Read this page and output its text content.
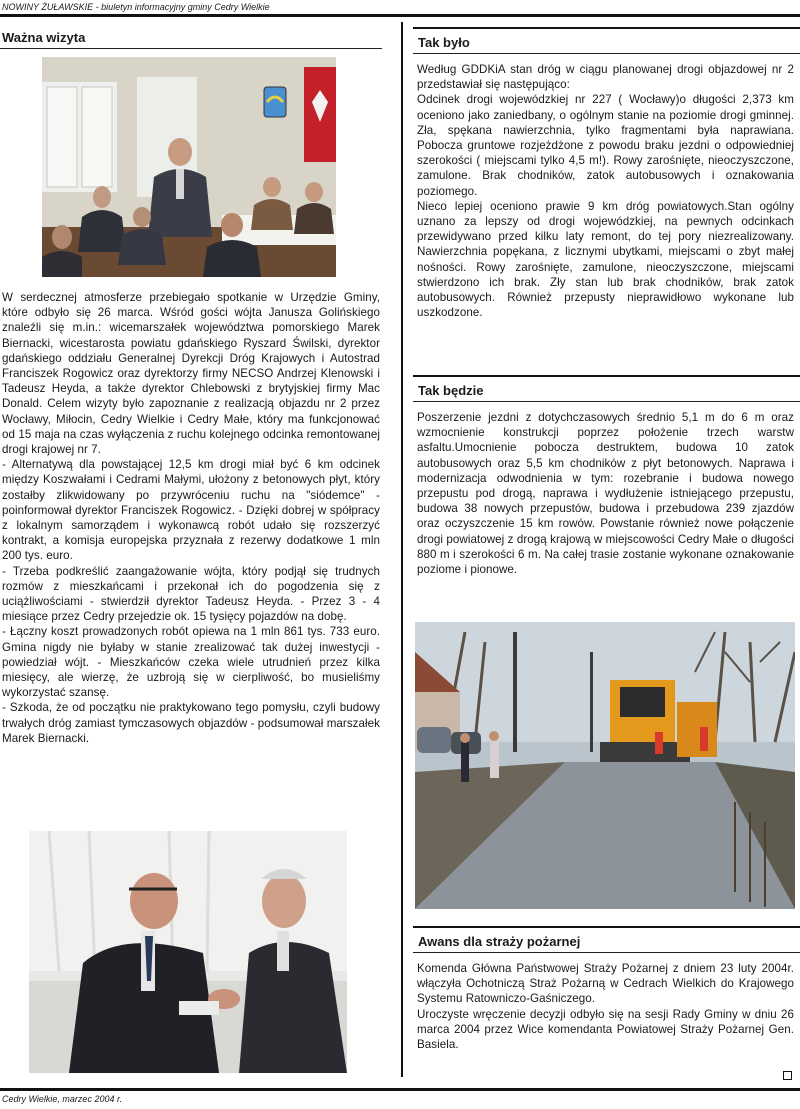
NOWINY ŻUŁAWSKIE - biuletyn informacyjny gminy Cedry Wielkie
Ważna wizyta
W serdecznej atmosferze przebiegało spotkanie w Urzędzie Gminy, które odbyło się 26 marca. Wśród gości wójta Janusza Golińskiego znaleźli się m.in.: wicemarszałek województwa pomorskiego Marek Biernacki, wicestarosta powiatu gdańskiego Ryszard Świlski, dyrektor gdańskiego oddziału Generalnej Dyrekcji Dróg Krajowych i Autostrad Franciszek Rogowicz oraz dyrektorzy firmy NECSO Andrzej Klenowski i Tadeusz Heyda, a także dyrektor Chlebowski z brytyjskiej firmy Mac Donald. Celem wizyty było zapoznanie z realizacją objazdu nr 2 przez Wocławy, Miłocin, Cedry Wielkie i Cedry Małe, który ma funkcjonować od 15 maja na czas wyłączenia z ruchu kolejnego odcinka remontowanej drogi krajowej nr 7.
- Alternatywą dla powstającej 12,5 km drogi miał być 6 km odcinek między Koszwałami i Cedrami Małymi, ułożony z betonowych płyt, który zostałby zlikwidowany po przywróceniu ruchu na "siódemce" - poinformował dyrektor Franciszek Rogowicz. - Dzięki dobrej w spółpracy z lokalnym samorządem i wykonawcą robót udało się rozszerzyć kontrakt, a komisja europejska przyznała z rezerwy dodatkowe 1 mln 200 tys. euro.
- Trzeba podkreślić zaangażowanie wójta, który podjął się trudnych rozmów z mieszkańcami i przekonał ich do pogodzenia się z uciążliwościami - stwierdził dyrektor Tadeusz Heyda. - Przez 3 - 4 miesiące przez Cedry przejedzie ok. 15 tysięcy pojazdów na dobę.
- Łączny koszt prowadzonych robót opiewa na 1 mln 861 tys. 733 euro. Gmina nigdy nie byłaby w stanie zrealizować tak dużej inwestycji - powiedział wójt. - Mieszkańców czeka wiele utrudnień przez kilka miesięcy, ale wierzę, że uzbroją się w cierpliwość, bo musieliśmy wykorzystać szansę.
- Szkoda, że od początku nie praktykowano tego pomysłu, czyli budowy trwałych dróg zamiast tymczasowych objazdów - podsumował marszałek Marek Biernacki.
Tak było
Według GDDKiA stan dróg w ciągu planowanej drogi objazdowej nr 2 przedstawiał się następująco:
Odcinek drogi wojewódzkiej nr 227 ( Wocławy)o długości 2,373 km oceniono jako zaniedbany, o ogólnym stanie na poziomie drogi gminnej. Zła, spękana nawierzchnia, tylko fragmentami była naprawiana. Pobocza gruntowe rozjeżdżone z powodu braku jezdni o odpowiedniej szerokości ( miejscami tylko 4,5 m!). Rowy zarośnięte, nieoczyszczone, zamulone. Brak chodników, zatok autobusowych i oznakowania poziomego.
Nieco lepiej oceniono prawie 9 km dróg powiatowych.Stan ogólny uznano za lepszy od drogi wojewódzkiej, na pewnych odcinkach przewidywano przed kilku laty remont, do tej pory niezrealizowany. Nawierzchnia popękana, z licznymi ubytkami, miejscami o zbyt małej nośności. Rowy zarośnięte, zamulone, nieoczyszczone, miejscami stwierdzono ich brak. Zły stan lub brak chodników, brak zatok autobusowych. Również przepusty nieprawidłowo wykonane lub uszkodzone.
Tak będzie
Poszerzenie jezdni z dotychczasowych średnio 5,1 m do 6 m oraz wzmocnienie konstrukcji poprzez położenie trzech warstw asfaltu.Umocnienie pobocza destruktem, budowa 10 zatok autobusowych oraz 5,5 km chodników z płyt betonowych. Naprawa i modernizacja odwodnienia w tym: rozebranie i budowa nowego przepustu pod drogą, naprawa i wydłużenie istniejącego przepustu, budowa 38 nowych przepustów, budowa i przebudowa 239 zjazdów oraz oczyszczenie 15 km rowów. Powstanie również nowe połączenie drogi powiatowej z drogą krajową w miejscowości Cedry Małe o długości 880 m i szerokości 6 m. Na całej trasie zostanie wykonane oznakowanie poziome i pionowe.
Awans dla straży pożarnej
Komenda Główna Państwowej Straży Pożarnej z dniem 23 luty 2004r. włączyła Ochotniczą Straż Pożarną w Cedrach Wielkich do Krajowego Systemu Ratowniczo-Gaśniczego.
Uroczyste wręczenie decyzji odbyło się na sesji Rady Gminy w dniu 26 marca 2004 przez Wice komendanta Powiatowej Straży Pożarnej Gen. Basiela.
Cedry Wielkie, marzec 2004 r.
